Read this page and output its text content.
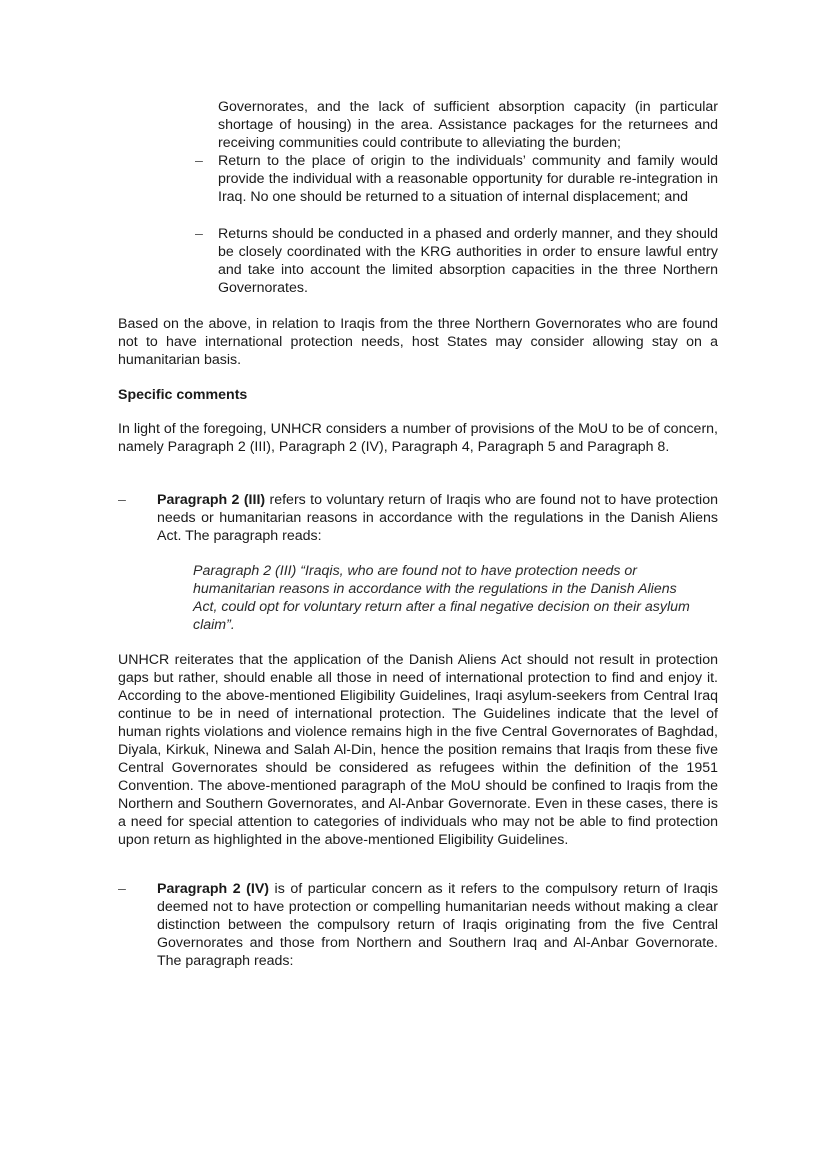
Governorates, and the lack of sufficient absorption capacity (in particular shortage of housing) in the area. Assistance packages for the returnees and receiving communities could contribute to alleviating the burden;

– Return to the place of origin to the individuals’ community and family would provide the individual with a reasonable opportunity for durable re-integration in Iraq. No one should be returned to a situation of internal displacement; and

– Returns should be conducted in a phased and orderly manner, and they should be closely coordinated with the KRG authorities in order to ensure lawful entry and take into account the limited absorption capacities in the three Northern Governorates.

Based on the above, in relation to Iraqis from the three Northern Governorates who are found not to have international protection needs, host States may consider allowing stay on a humanitarian basis.

Specific comments

In light of the foregoing, UNHCR considers a number of provisions of the MoU to be of concern, namely Paragraph 2 (III), Paragraph 2 (IV), Paragraph 4, Paragraph 5 and Paragraph 8.

– Paragraph 2 (III) refers to voluntary return of Iraqis who are found not to have protection needs or humanitarian reasons in accordance with the regulations in the Danish Aliens Act. The paragraph reads:

Paragraph 2 (III) “Iraqis, who are found not to have protection needs or humanitarian reasons in accordance with the regulations in the Danish Aliens Act, could opt for voluntary return after a final negative decision on their asylum claim”.

UNHCR reiterates that the application of the Danish Aliens Act should not result in protection gaps but rather, should enable all those in need of international protection to find and enjoy it. According to the above-mentioned Eligibility Guidelines, Iraqi asylum-seekers from Central Iraq continue to be in need of international protection. The Guidelines indicate that the level of human rights violations and violence remains high in the five Central Governorates of Baghdad, Diyala, Kirkuk, Ninewa and Salah Al-Din, hence the position remains that Iraqis from these five Central Governorates should be considered as refugees within the definition of the 1951 Convention. The above-mentioned paragraph of the MoU should be confined to Iraqis from the Northern and Southern Governorates, and Al-Anbar Governorate. Even in these cases, there is a need for special attention to categories of individuals who may not be able to find protection upon return as highlighted in the above-mentioned Eligibility Guidelines.

– Paragraph 2 (IV) is of particular concern as it refers to the compulsory return of Iraqis deemed not to have protection or compelling humanitarian needs without making a clear distinction between the compulsory return of Iraqis originating from the five Central Governorates and those from Northern and Southern Iraq and Al-Anbar Governorate. The paragraph reads:
